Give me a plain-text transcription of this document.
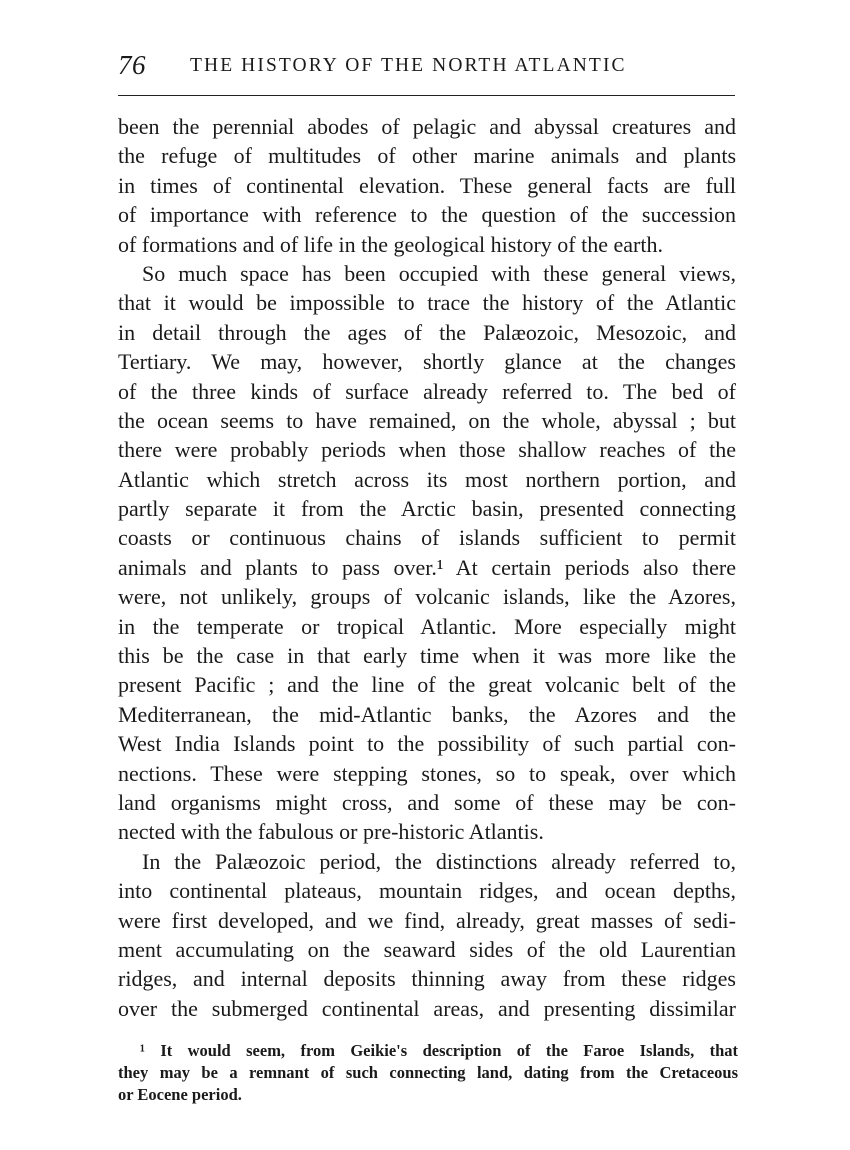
76 THE HISTORY OF THE NORTH ATLANTIC
been the perennial abodes of pelagic and abyssal creatures and
the refuge of multitudes of other marine animals and plants
in times of continental elevation. These general facts are full
of importance with reference to the question of the succession
of formations and of life in the geological history of the earth.
So much space has been occupied with these general views,
that it would be impossible to trace the history of the Atlantic
in detail through the ages of the Palæozoic, Mesozoic, and
Tertiary. We may, however, shortly glance at the changes
of the three kinds of surface already referred to. The bed of
the ocean seems to have remained, on the whole, abyssal ; but
there were probably periods when those shallow reaches of the
Atlantic which stretch across its most northern portion, and
partly separate it from the Arctic basin, presented connecting
coasts or continuous chains of islands sufficient to permit
animals and plants to pass over.¹ At certain periods also there
were, not unlikely, groups of volcanic islands, like the Azores,
in the temperate or tropical Atlantic. More especially might
this be the case in that early time when it was more like the
present Pacific ; and the line of the great volcanic belt of the
Mediterranean, the mid-Atlantic banks, the Azores and the
West India Islands point to the possibility of such partial con-
nections. These were stepping stones, so to speak, over which
land organisms might cross, and some of these may be con-
nected with the fabulous or pre-historic Atlantis.
In the Palæozoic period, the distinctions already referred to,
into continental plateaus, mountain ridges, and ocean depths,
were first developed, and we find, already, great masses of sedi-
ment accumulating on the seaward sides of the old Laurentian
ridges, and internal deposits thinning away from these ridges
over the submerged continental areas, and presenting dissimilar
¹ It would seem, from Geikie's description of the Faroe Islands, that
they may be a remnant of such connecting land, dating from the Cretaceous
or Eocene period.
